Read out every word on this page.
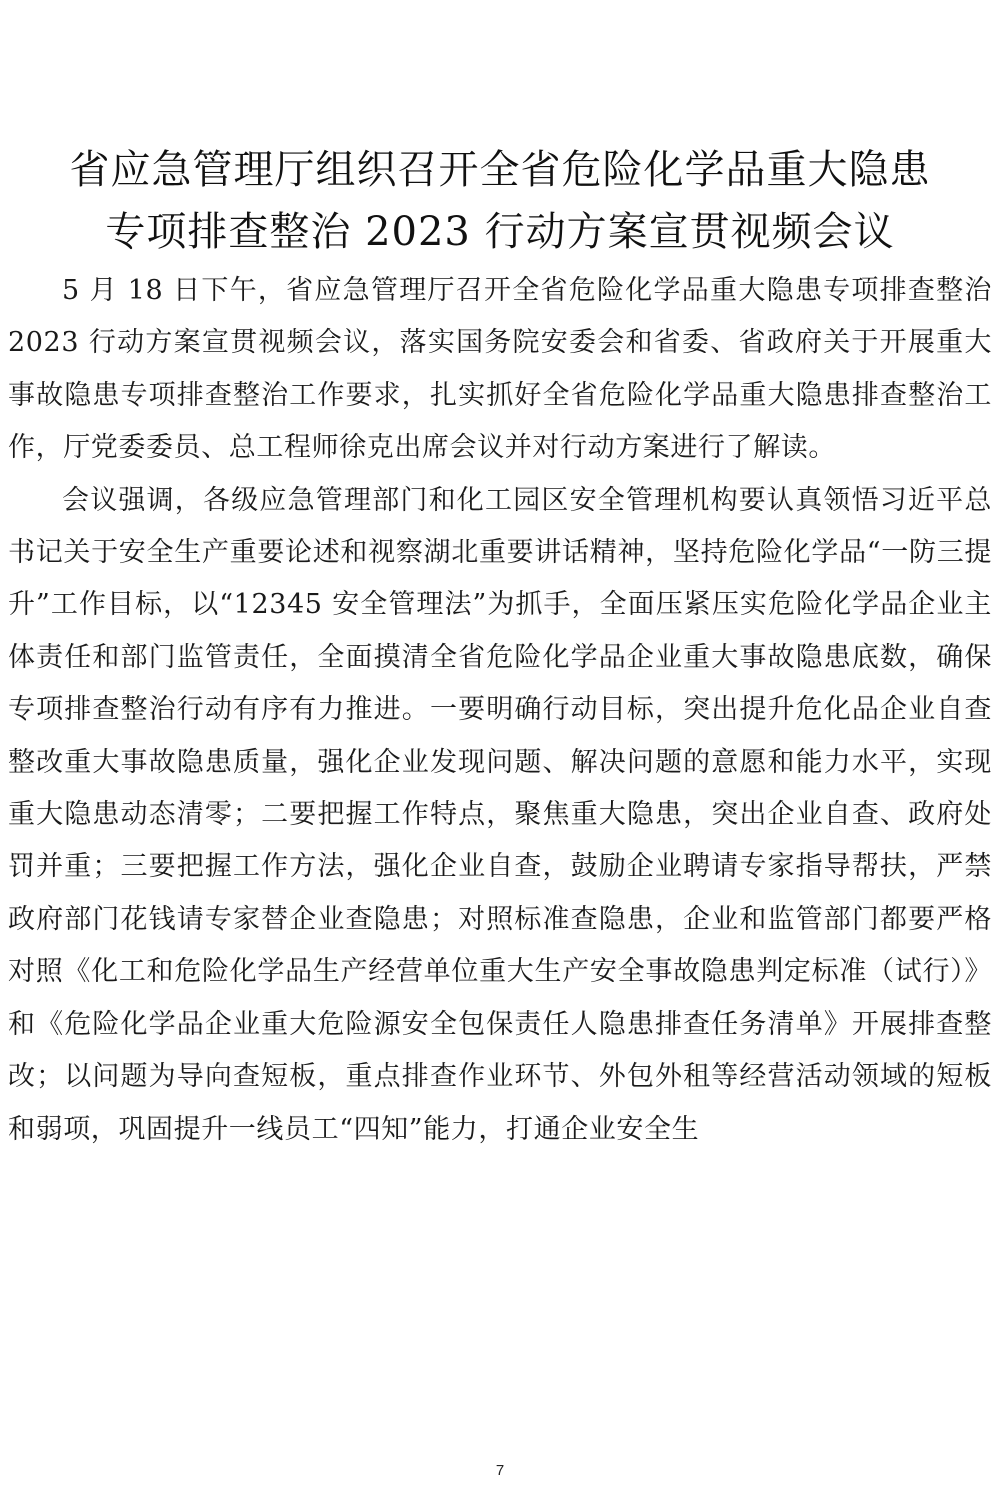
省应急管理厅组织召开全省危险化学品重大隐患
专项排查整治 2023 行动方案宣贯视频会议

5 月 18 日下午，省应急管理厅召开全省危险化学品重大隐患专项排查整治 2023 行动方案宣贯视频会议，落实国务院安委会和省委、省政府关于开展重大事故隐患专项排查整治工作要求，扎实抓好全省危险化学品重大隐患排查整治工作，厅党委委员、总工程师徐克出席会议并对行动方案进行了解读。

会议强调，各级应急管理部门和化工园区安全管理机构要认真领悟习近平总书记关于安全生产重要论述和视察湖北重要讲话精神，坚持危险化学品“一防三提升”工作目标，以“12345 安全管理法”为抓手，全面压紧压实危险化学品企业主体责任和部门监管责任，全面摸清全省危险化学品企业重大事故隐患底数，确保专项排查整治行动有序有力推进。一要明确行动目标，突出提升危化品企业自查整改重大事故隐患质量，强化企业发现问题、解决问题的意愿和能力水平，实现重大隐患动态清零；二要把握工作特点，聚焦重大隐患，突出企业自查、政府处罚并重；三要把握工作方法，强化企业自查，鼓励企业聘请专家指导帮扶，严禁政府部门花钱请专家替企业查隐患；对照标准查隐患，企业和监管部门都要严格对照《化工和危险化学品生产经营单位重大生产安全事故隐患判定标准（试行）》和《危险化学品企业重大危险源安全包保责任人隐患排查任务清单》开展排查整改；以问题为导向查短板，重点排查作业环节、外包外租等经营活动领域的短板和弱项，巩固提升一线员工“四知”能力，打通企业安全生

7
